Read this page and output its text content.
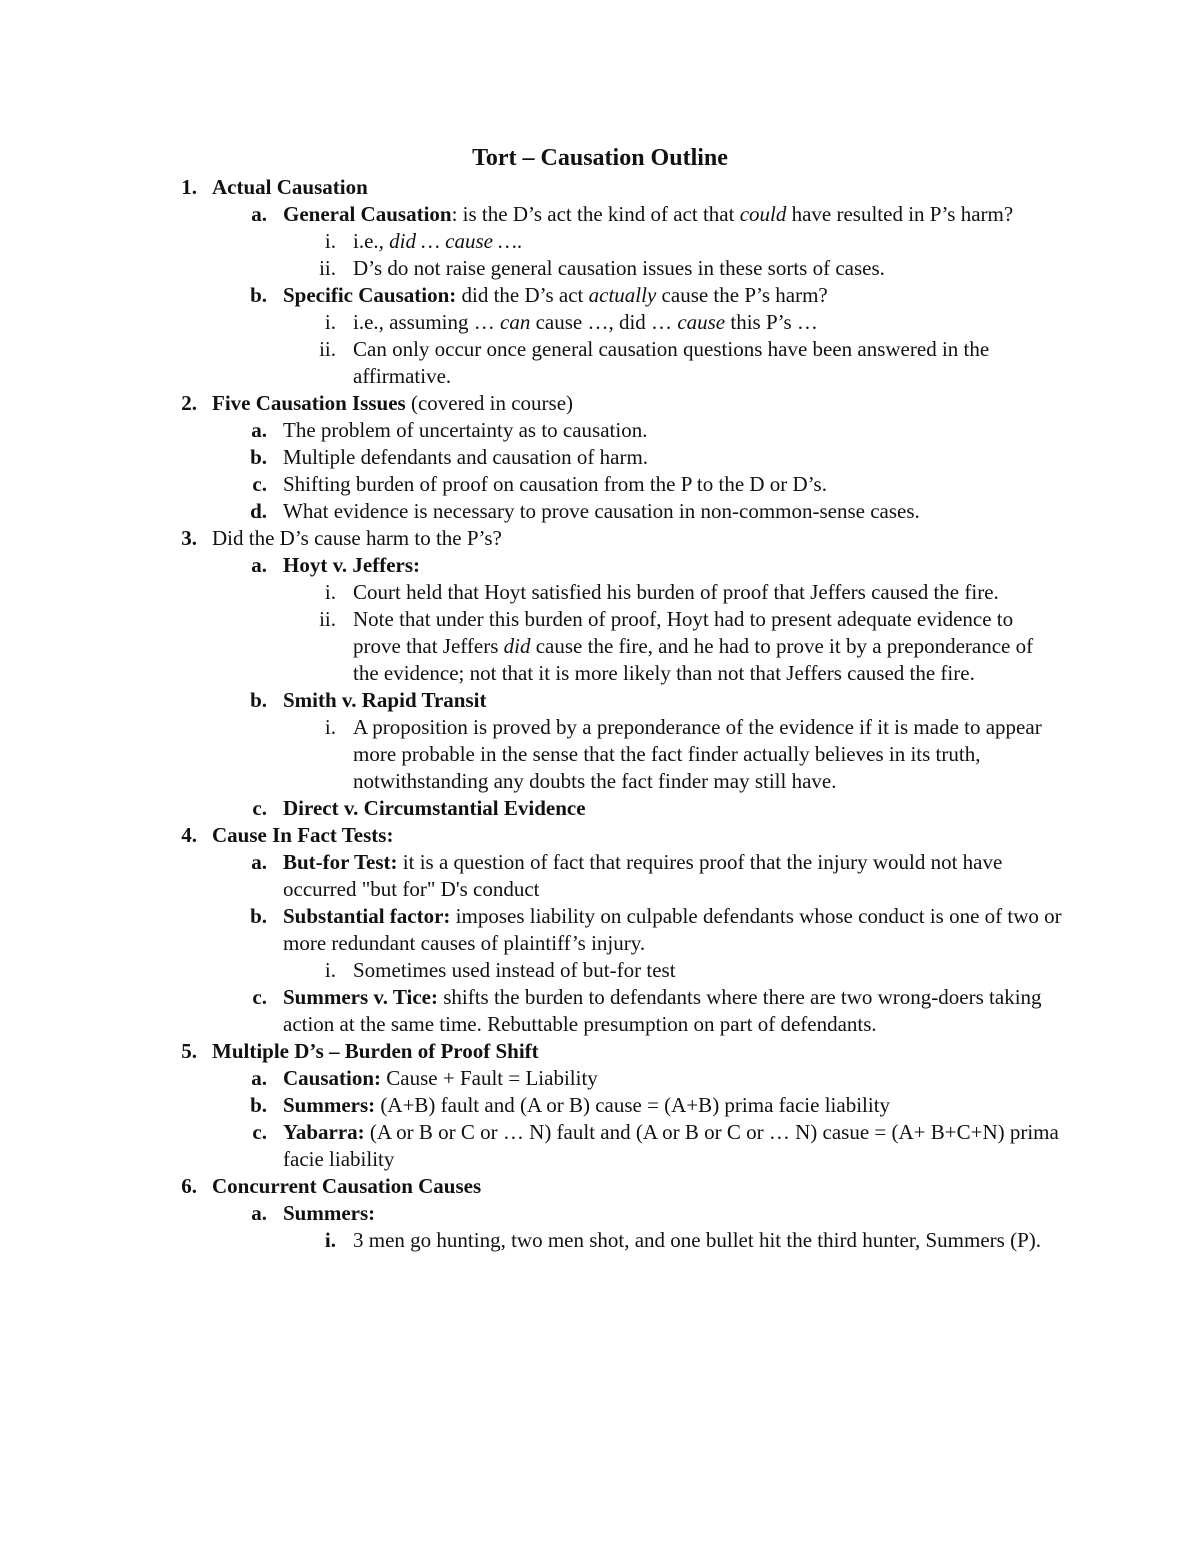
Tort – Causation Outline
1. Actual Causation
a. General Causation: is the D’s act the kind of act that could have resulted in P’s harm?
i. i.e., did … cause ….
ii. D’s do not raise general causation issues in these sorts of cases.
b. Specific Causation: did the D’s act actually cause the P’s harm?
i. i.e., assuming … can cause …, did … cause this P’s …
ii. Can only occur once general causation questions have been answered in the affirmative.
2. Five Causation Issues (covered in course)
a. The problem of uncertainty as to causation.
b. Multiple defendants and causation of harm.
c. Shifting burden of proof on causation from the P to the D or D’s.
d. What evidence is necessary to prove causation in non-common-sense cases.
3. Did the D’s cause harm to the P’s?
a. Hoyt v. Jeffers:
i. Court held that Hoyt satisfied his burden of proof that Jeffers caused the fire.
ii. Note that under this burden of proof, Hoyt had to present adequate evidence to prove that Jeffers did cause the fire, and he had to prove it by a preponderance of the evidence; not that it is more likely than not that Jeffers caused the fire.
b. Smith v. Rapid Transit
i. A proposition is proved by a preponderance of the evidence if it is made to appear more probable in the sense that the fact finder actually believes in its truth, notwithstanding any doubts the fact finder may still have.
c. Direct v. Circumstantial Evidence
4. Cause In Fact Tests:
a. But-for Test: it is a question of fact that requires proof that the injury would not have occurred "but for" D's conduct
b. Substantial factor: imposes liability on culpable defendants whose conduct is one of two or more redundant causes of plaintiff’s injury.
i. Sometimes used instead of but-for test
c. Summers v. Tice: shifts the burden to defendants where there are two wrong-doers taking action at the same time. Rebuttable presumption on part of defendants.
5. Multiple D’s – Burden of Proof Shift
a. Causation: Cause + Fault = Liability
b. Summers: (A+B) fault and (A or B) cause = (A+B) prima facie liability
c. Yabarra: (A or B or C or … N) fault and (A or B or C or … N) casue = (A+ B+C+N) prima facie liability
6. Concurrent Causation Causes
a. Summers:
i. 3 men go hunting, two men shot, and one bullet hit the third hunter, Summers (P).
